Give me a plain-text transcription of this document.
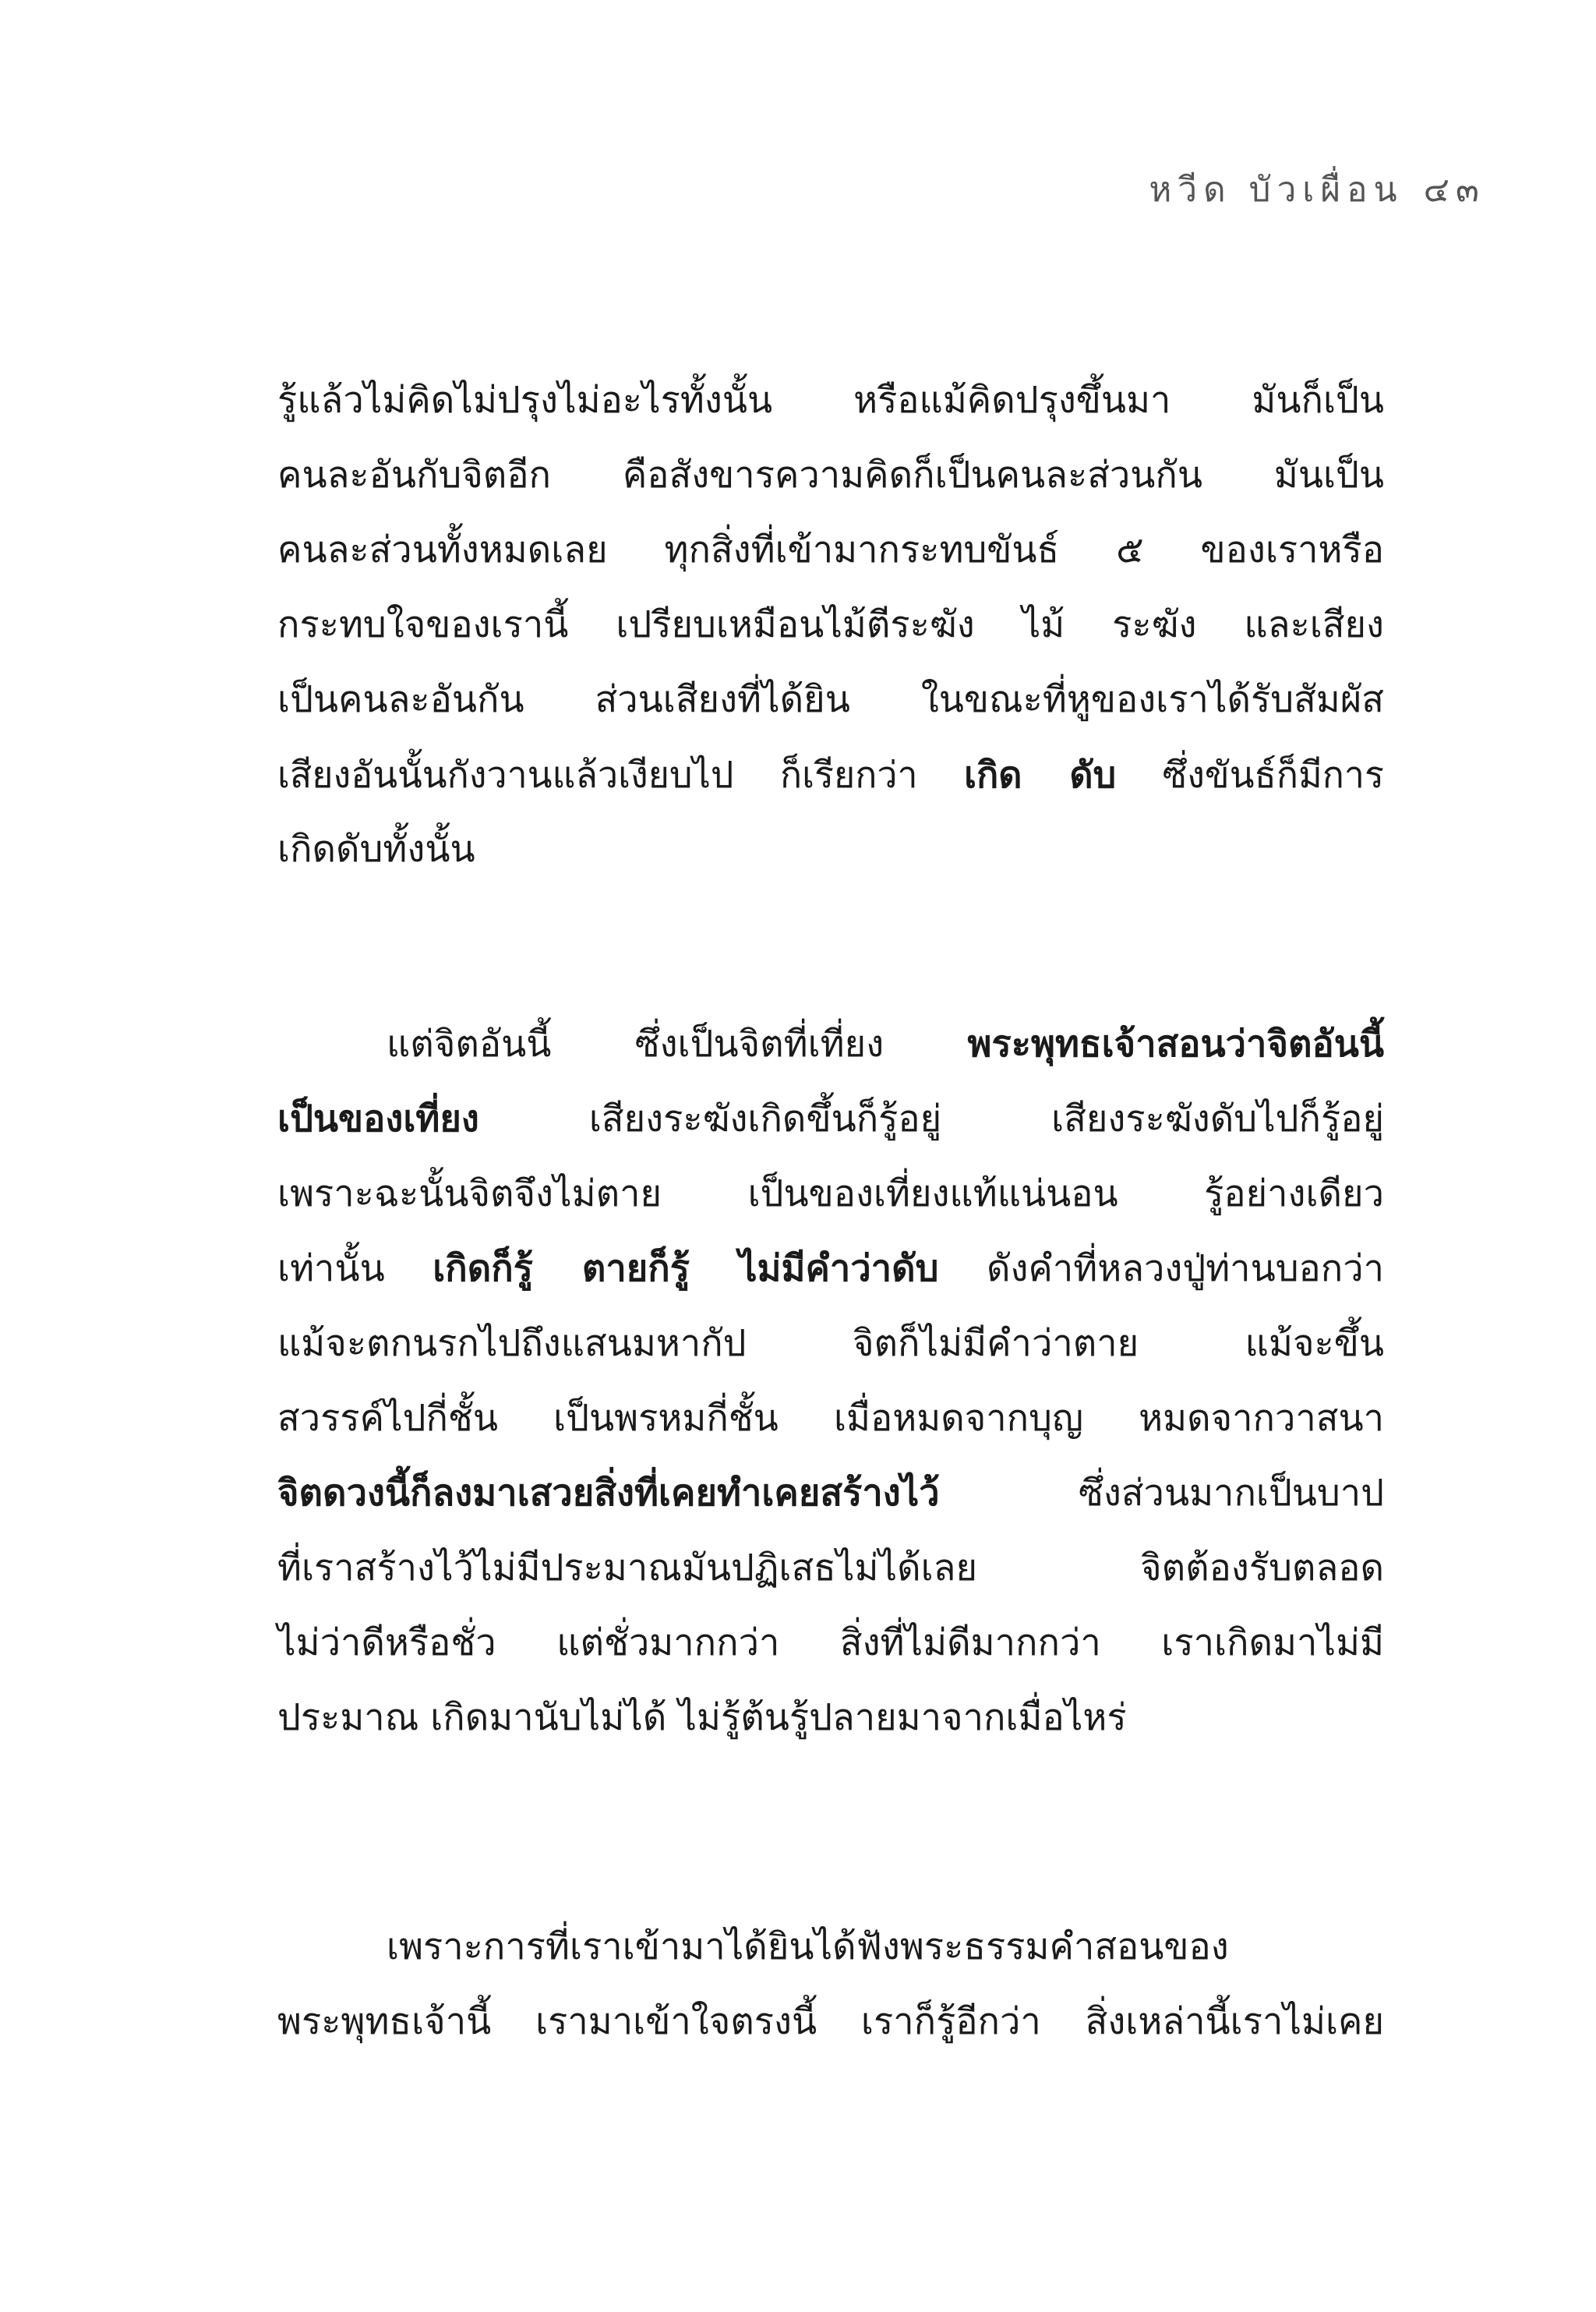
หวีด บัวเผื่อน ๔๓
รู้แล้วไม่คิดไม่ปรุงไม่อะไรทั้งนั้น หรือแม้คิดปรุงขึ้นมา มันก็เป็น
คนละอันกับจิตอีก คือสังขารความคิดก็เป็นคนละส่วนกัน มันเป็น
คนละส่วนทั้งหมดเลย ทุกสิ่งที่เข้ามากระทบขันธ์ ๕ ของเราหรือ
กระทบใจของเรานี้ เปรียบเหมือนไม้ตีระฆัง ไม้ ระฆัง และเสียง
เป็นคนละอันกัน ส่วนเสียงที่ได้ยิน ในขณะที่หูของเราได้รับสัมผัส
เสียงอันนั้นกังวานแล้วเงียบไป ก็เรียกว่า เกิด ดับ ซึ่งขันธ์ก็มีการ
เกิดดับทั้งนั้น
แต่จิตอันนี้ ซึ่งเป็นจิตที่เที่ยง พระพุทธเจ้าสอนว่าจิตอันนี้
เป็นของเที่ยง เสียงระฆังเกิดขึ้นก็รู้อยู่ เสียงระฆังดับไปก็รู้อยู่
เพราะฉะนั้นจิตจึงไม่ตาย เป็นของเที่ยงแท้แน่นอน รู้อย่างเดียว
เท่านั้น เกิดก็รู้ ตายก็รู้ ไม่มีคำว่าดับ ดังคำที่หลวงปู่ท่านบอกว่า
แม้จะตกนรกไปถึงแสนมหากัป จิตก็ไม่มีคำว่าตาย แม้จะขึ้น
สวรรค์ไปกี่ชั้น เป็นพรหมกี่ชั้น เมื่อหมดจากบุญ หมดจากวาสนา
จิตดวงนี้ก็ลงมาเสวยสิ่งที่เคยทำเคยสร้างไว้ ซึ่งส่วนมากเป็นบาป
ที่เราสร้างไว้ไม่มีประมาณมันปฏิเสธไม่ได้เลย จิตต้องรับตลอด
ไม่ว่าดีหรือชั่ว แต่ชั่วมากกว่า สิ่งที่ไม่ดีมากกว่า เราเกิดมาไม่มี
ประมาณ เกิดมานับไม่ได้ ไม่รู้ต้นรู้ปลายมาจากเมื่อไหร่
เพราะการที่เราเข้ามาได้ยินได้ฟังพระธรรมคำสอนของ
พระพุทธเจ้านี้ เรามาเข้าใจตรงนี้ เราก็รู้อีกว่า สิ่งเหล่านี้เราไม่เคย
